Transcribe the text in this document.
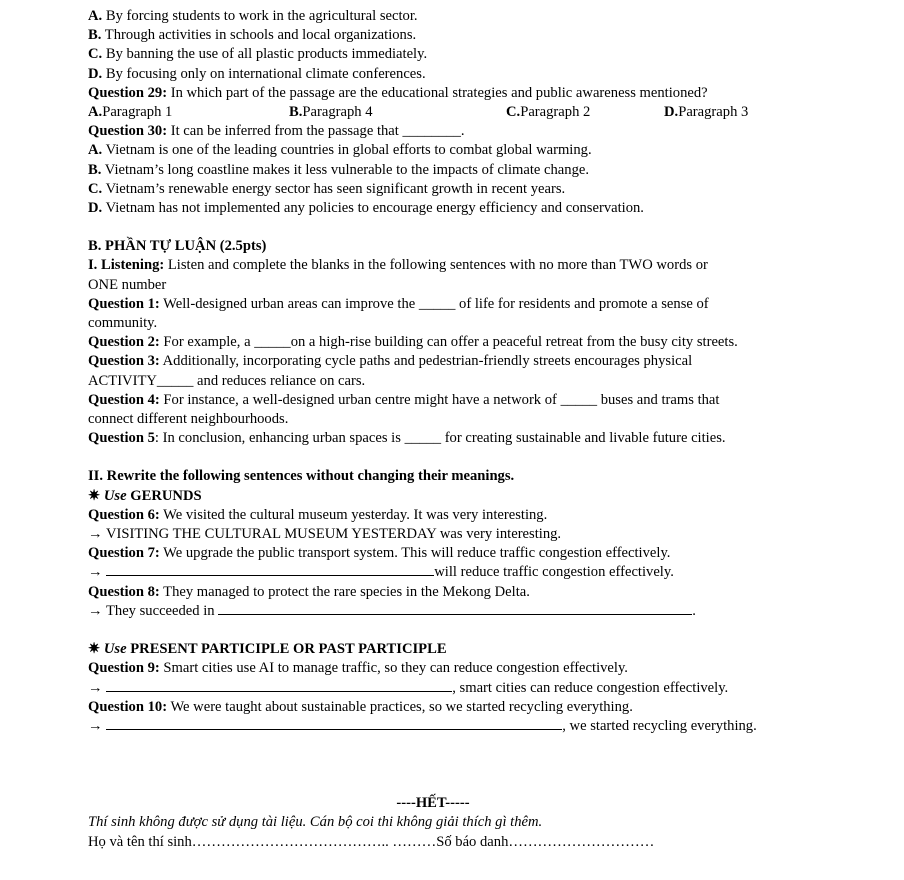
A. By forcing students to work in the agricultural sector.
B. Through activities in schools and local organizations.
C. By banning the use of all plastic products immediately.
D. By focusing only on international climate conferences.
Question 29: In which part of the passage are the educational strategies and public awareness mentioned?
A.Paragraph 1	B.Paragraph 4	C.Paragraph 2	D.Paragraph 3
Question 30: It can be inferred from the passage that ________.
A. Vietnam is one of the leading countries in global efforts to combat global warming.
B. Vietnam’s long coastline makes it less vulnerable to the impacts of climate change.
C. Vietnam’s renewable energy sector has seen significant growth in recent years.
D. Vietnam has not implemented any policies to encourage energy efficiency and conservation.
B. PHẦN TỰ LUẬN (2.5pts)
I. Listening: Listen and complete the blanks in the following sentences with no more than TWO words or
ONE number
Question 1: Well-designed urban areas can improve the _____ of life for residents and promote a sense of
community.
Question 2: For example, a _____on a high-rise building can offer a peaceful retreat from the busy city streets.
Question 3: Additionally, incorporating cycle paths and pedestrian-friendly streets encourages physical
ACTIVITY_____ and reduces reliance on cars.
Question 4: For instance, a well-designed urban centre might have a network of _____ buses and trams that
connect different neighbourhoods.
Question 5: In conclusion, enhancing urban spaces is _____ for creating sustainable and livable future cities.
II. Rewrite the following sentences without changing their meanings.
✷ Use GERUNDS
Question 6: We visited the cultural museum yesterday. It was very interesting.
→ VISITING THE CULTURAL MUSEUM YESTERDAY was very interesting.
Question 7: We upgrade the public transport system. This will reduce traffic congestion effectively.
→	will reduce traffic congestion effectively.
Question 8: They managed to protect the rare species in the Mekong Delta.
→ They succeeded in	.
✷ Use PRESENT PARTICIPLE OR PAST PARTICIPLE
Question 9: Smart cities use AI to manage traffic, so they can reduce congestion effectively.
→	, smart cities can reduce congestion effectively.
Question 10: We were taught about sustainable practices, so we started recycling everything.
→	, we started recycling everything.
----HẾT-----
Thí sinh không được sử dụng tài liệu. Cán bộ coi thi không giải thích gì thêm.
Họ và tên thí sinh………………………………….. ………Số báo danh…………………………
